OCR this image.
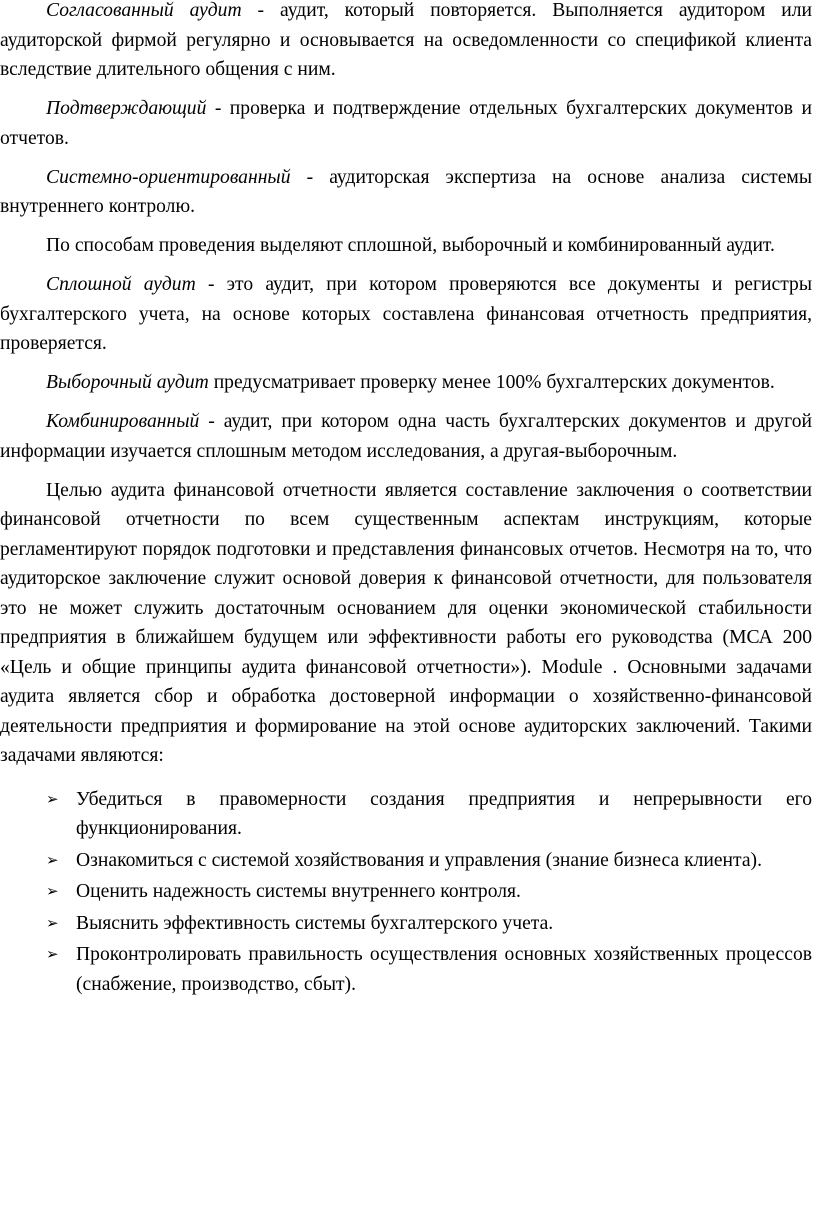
Согласованный аудит - аудит, который повторяется. Выполняется аудитором или аудиторской фирмой регулярно и основывается на осведомленности со спецификой клиента вследствие длительного общения с ним.

Подтверждающий - проверка и подтверждение отдельных бухгалтерских документов и отчетов.

Системно-ориентированный - аудиторская экспертиза на основе анализа системы внутреннего контролю.

По способам проведения выделяют сплошной, выборочный и комбинированный аудит.

Сплошной аудит - это аудит, при котором проверяются все документы и регистры бухгалтерского учета, на основе которых составлена финансовая отчетность предприятия, проверяется.

Выборочный аудит предусматривает проверку менее 100% бухгалтерских документов.

Комбинированный - аудит, при котором одна часть бухгалтерских документов и другой информации изучается сплошным методом исследования, а другая-выборочным.

Целью аудита финансовой отчетности является составление заключения о соответствии финансовой отчетности по всем существенным аспектам инструкциям, которые регламентируют порядок подготовки и представления финансовых отчетов. Несмотря на то, что аудиторское заключение служит основой доверия к финансовой отчетности, для пользователя это не может служить достаточным основанием для оценки экономической стабильности предприятия в ближайшем будущем или эффективности работы его руководства (МСА 200 «Цель и общие принципы аудита финансовой отчетности»). Module . Основными задачами аудита является сбор и обработка достоверной информации о хозяйственно-финансовой деятельности предприятия и формирование на этой основе аудиторских заключений. Такими задачами являются:

➢ Убедиться в правомерности создания предприятия и непрерывности его функционирования.
➢ Ознакомиться с системой хозяйствования и управления (знание бизнеса клиента).
➢ Оценить надежность системы внутреннего контроля.
➢ Выяснить эффективность системы бухгалтерского учета.
➢ Проконтролировать правильность осуществления основных хозяйственных процессов (снабжение, производство, сбыт).
